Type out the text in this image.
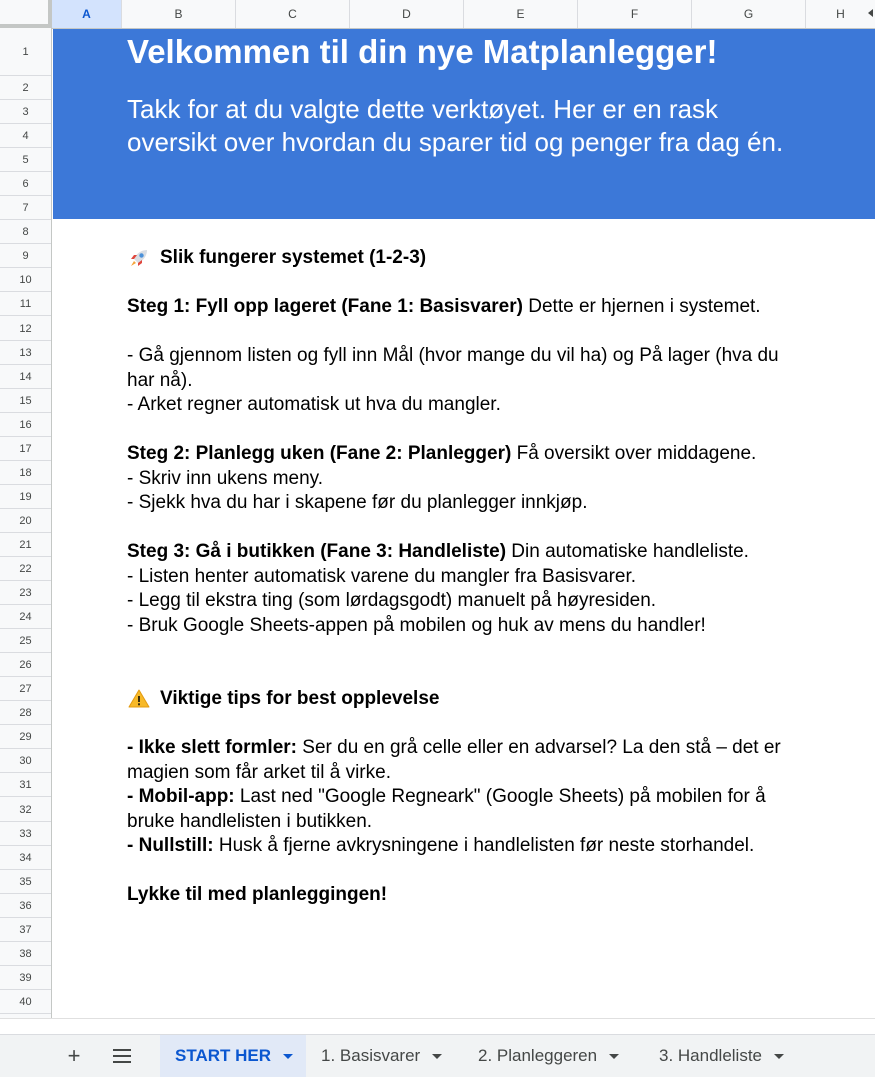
A	B	C	D	E	F	G	H
1
2
3
4
5
6
7
8
9
10
11
12
13
14
15
16
17
18
19
20
21
22
23
24
25
26
27
28
29
30
31
32
33
34
35
36
37
38
39
40
Velkommen til din nye Matplanlegger!

Takk for at du valgte dette verktøyet. Her er en rask oversikt over hvordan du sparer tid og penger fra dag én.

Slik fungerer systemet (1-2-3)

Steg 1: Fyll opp lageret (Fane 1: Basisvarer) Dette er hjernen i systemet.

- Gå gjennom listen og fyll inn Mål (hvor mange du vil ha) og På lager (hva du har nå).

- Arket regner automatisk ut hva du mangler.

Steg 2: Planlegg uken (Fane 2: Planlegger) Få oversikt over middagene.

- Skriv inn ukens meny.

- Sjekk hva du har i skapene før du planlegger innkjøp.

Steg 3: Gå i butikken (Fane 3: Handleliste) Din automatiske handleliste.

- Listen henter automatisk varene du mangler fra Basisvarer.

- Legg til ekstra ting (som lørdagsgodt) manuelt på høyresiden.

- Bruk Google Sheets-appen på mobilen og huk av mens du handler!

Viktige tips for best opplevelse

- Ikke slett formler: Ser du en grå celle eller en advarsel? La den stå – det er magien som får arket til å virke.

- Mobil-app: Last ned "Google Regneark" (Google Sheets) på mobilen for å bruke handlelisten i butikken.

- Nullstill: Husk å fjerne avkrysningene i handlelisten før neste storhandel.

Lykke til med planleggingen!

+	START HER	1. Basisvarer	2. Planleggeren	3. Handleliste
